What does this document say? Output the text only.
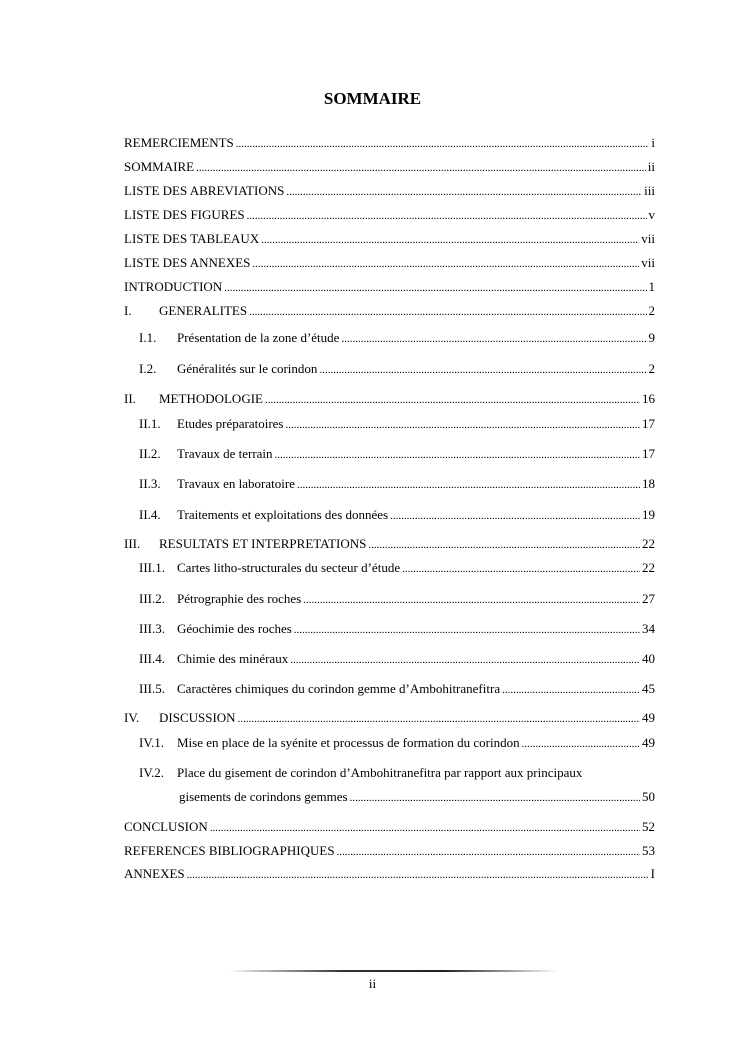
SOMMAIRE
REMERCIEMENTS .....	i
SOMMAIRE .....	ii
LISTE DES ABREVIATIONS .....	iii
LISTE DES FIGURES .....	v
LISTE DES TABLEAUX .....	vii
LISTE DES ANNEXES .....	vii
INTRODUCTION .....	1
I.	GENERALITES .....	2
I.1.	Présentation de la zone d’étude .....	9
I.2.	Généralités sur le corindon .....	2
II.	METHODOLOGIE .....	16
II.1.	Etudes préparatoires .....	17
II.2.	Travaux de terrain .....	17
II.3.	Travaux en laboratoire .....	18
II.4.	Traitements et exploitations des données .....	19
III.	RESULTATS ET INTERPRETATIONS .....	22
III.1. Cartes litho-structurales du secteur d’étude .....	22
III.2. Pétrographie des roches .....	27
III.3. Géochimie des roches .....	34
III.4. Chimie des minéraux .....	40
III.5. Caractères chimiques du corindon gemme d’Ambohitranefitra .....	45
IV.	DISCUSSION .....	49
IV.1. Mise en place de la syénite et processus de formation du corindon .....	49
IV.2. Place du gisement de corindon d’Ambohitranefitra par rapport aux principaux
gisements de corindons gemmes .....	50
CONCLUSION .....	52
REFERENCES BIBLIOGRAPHIQUES .....	53
ANNEXES .....	I
ii
